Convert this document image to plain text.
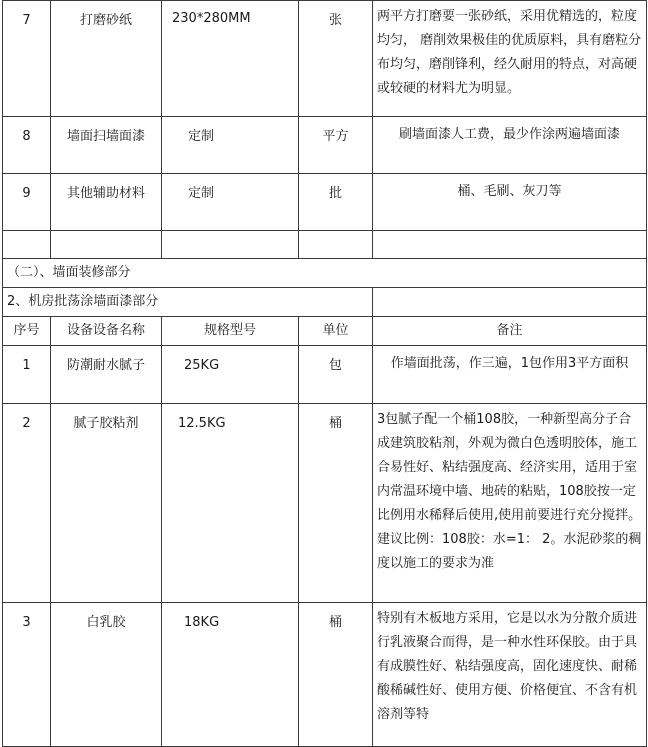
7	打磨砂纸	230*280MM	张	两平方打磨要一张砂纸，采用优精选的，粒度均匀， 磨削效果极佳的优质原料，具有磨粒分布均匀，磨削锋利，经久耐用的特点，对高硬或较硬的材料尤为明显。
8	墙面扫墙面漆	定制	平方	刷墙面漆人工费，最少作涂两遍墙面漆
9	其他辅助材料	定制	批	桶、毛刷、灰刀等

（二）、墙面装修部分				
2、机房批荡涂墙面漆部分				
序号	设备设备名称	规格型号	单位	备注
1	防潮耐水腻子	25KG	包	作墙面批荡，作三遍，1包作用3平方面积
2	腻子胶粘剂	12.5KG	桶	3包腻子配一个桶108胶，一种新型高分子合成建筑胶粘剂，外观为微白色透明胶体，施工合易性好、粘结强度高、经济实用，适用于室内常温环境中墙、地砖的粘贴，108胶按一定比例用水稀释后使用,使用前要进行充分搅拌。建议比例：108胶：水=1： 2。水泥砂浆的稠度以施工的要求为准
3	白乳胶	18KG	桶	特别有木板地方采用，它是以水为分散介质进行乳液聚合而得，是一种水性环保胶。由于具有成膜性好、粘结强度高，固化速度快、耐稀酸稀碱性好、使用方便、价格便宜、不含有机溶剂等特
